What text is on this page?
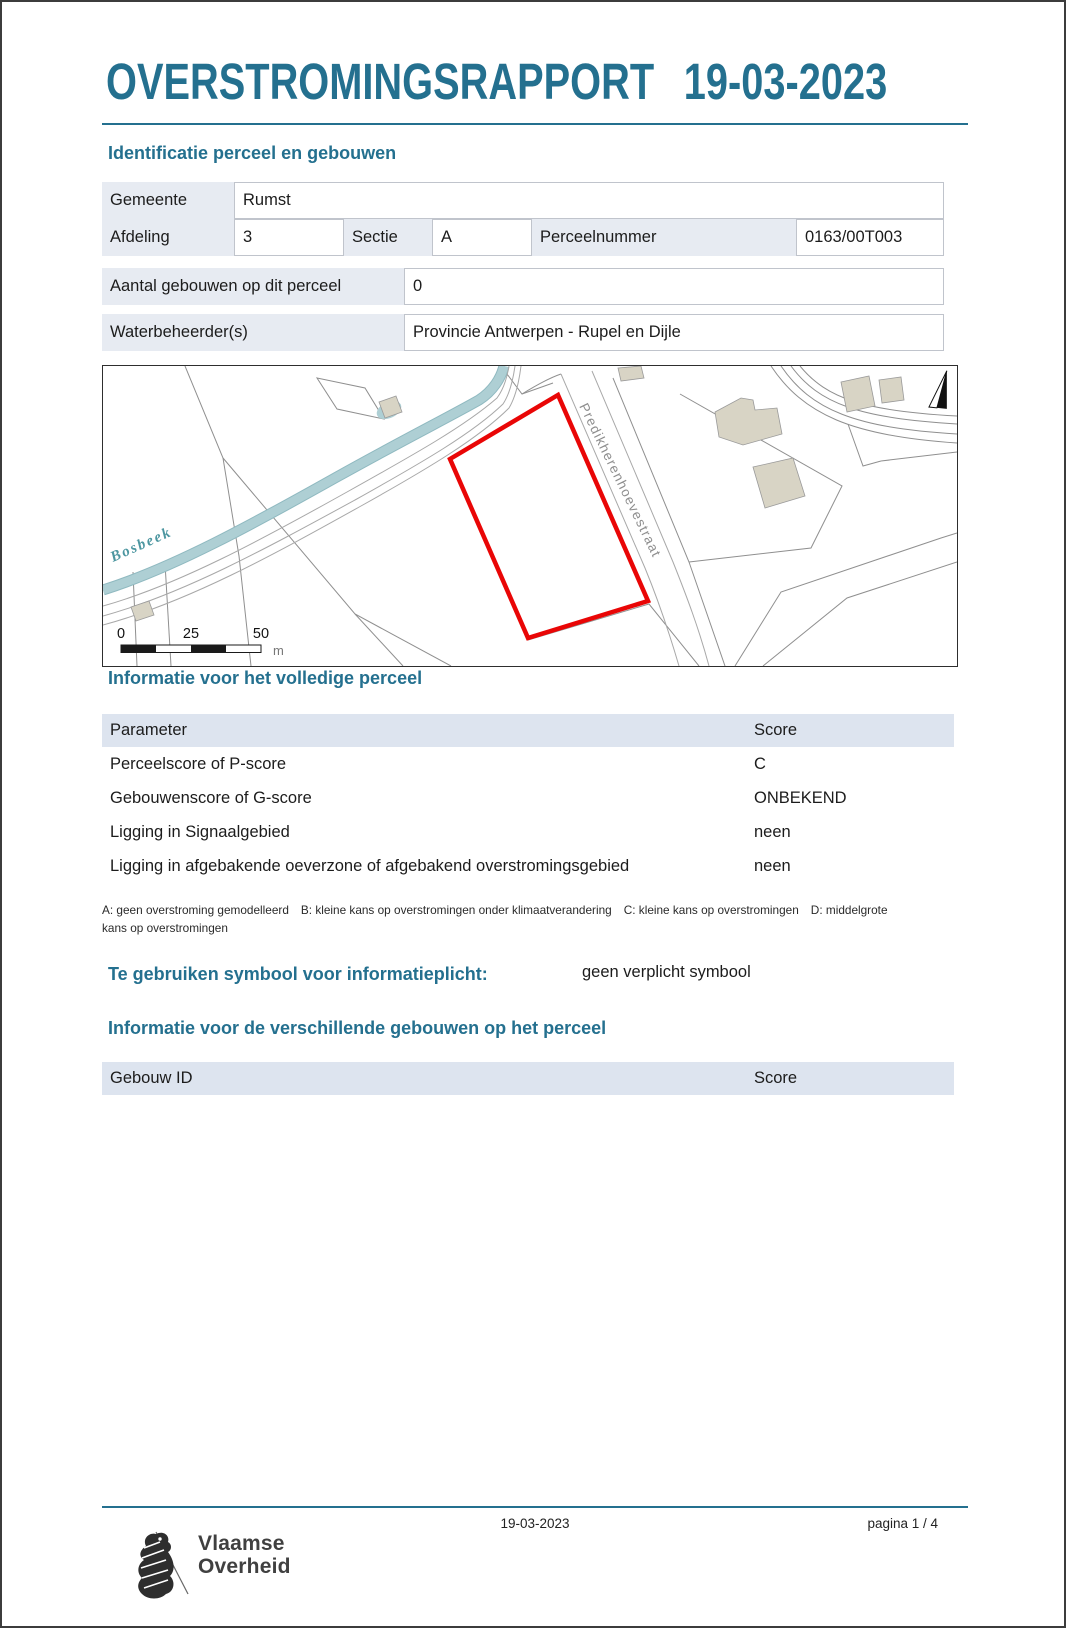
OVERSTROMINGSRAPPORT 19-03-2023
Identificatie perceel en gebouwen
Gemeente	Rumst
Afdeling	3	Sectie	A	Perceelnummer	0163/00T003
Aantal gebouwen op dit perceel	0
Waterbeheerder(s)	Provincie Antwerpen - Rupel en Dijle
Predikherenhoevestraat
Bosbeek
0	25	50
m
Informatie voor het volledige perceel
Parameter	Score
Perceelscore of P-score	C
Gebouwenscore of G-score	ONBEKEND
Ligging in Signaalgebied	neen
Ligging in afgebakende oeverzone of afgebakend overstromingsgebied	neen
A: geen overstroming gemodelleerd B: kleine kans op overstromingen onder klimaatverandering C: kleine kans op overstromingen D: middelgrote kans op overstromingen
Te gebruiken symbool voor informatieplicht:	geen verplicht symbool
Informatie voor de verschillende gebouwen op het perceel
Gebouw ID	Score
Vlaamse
Overheid
19-03-2023	pagina 1 / 4
